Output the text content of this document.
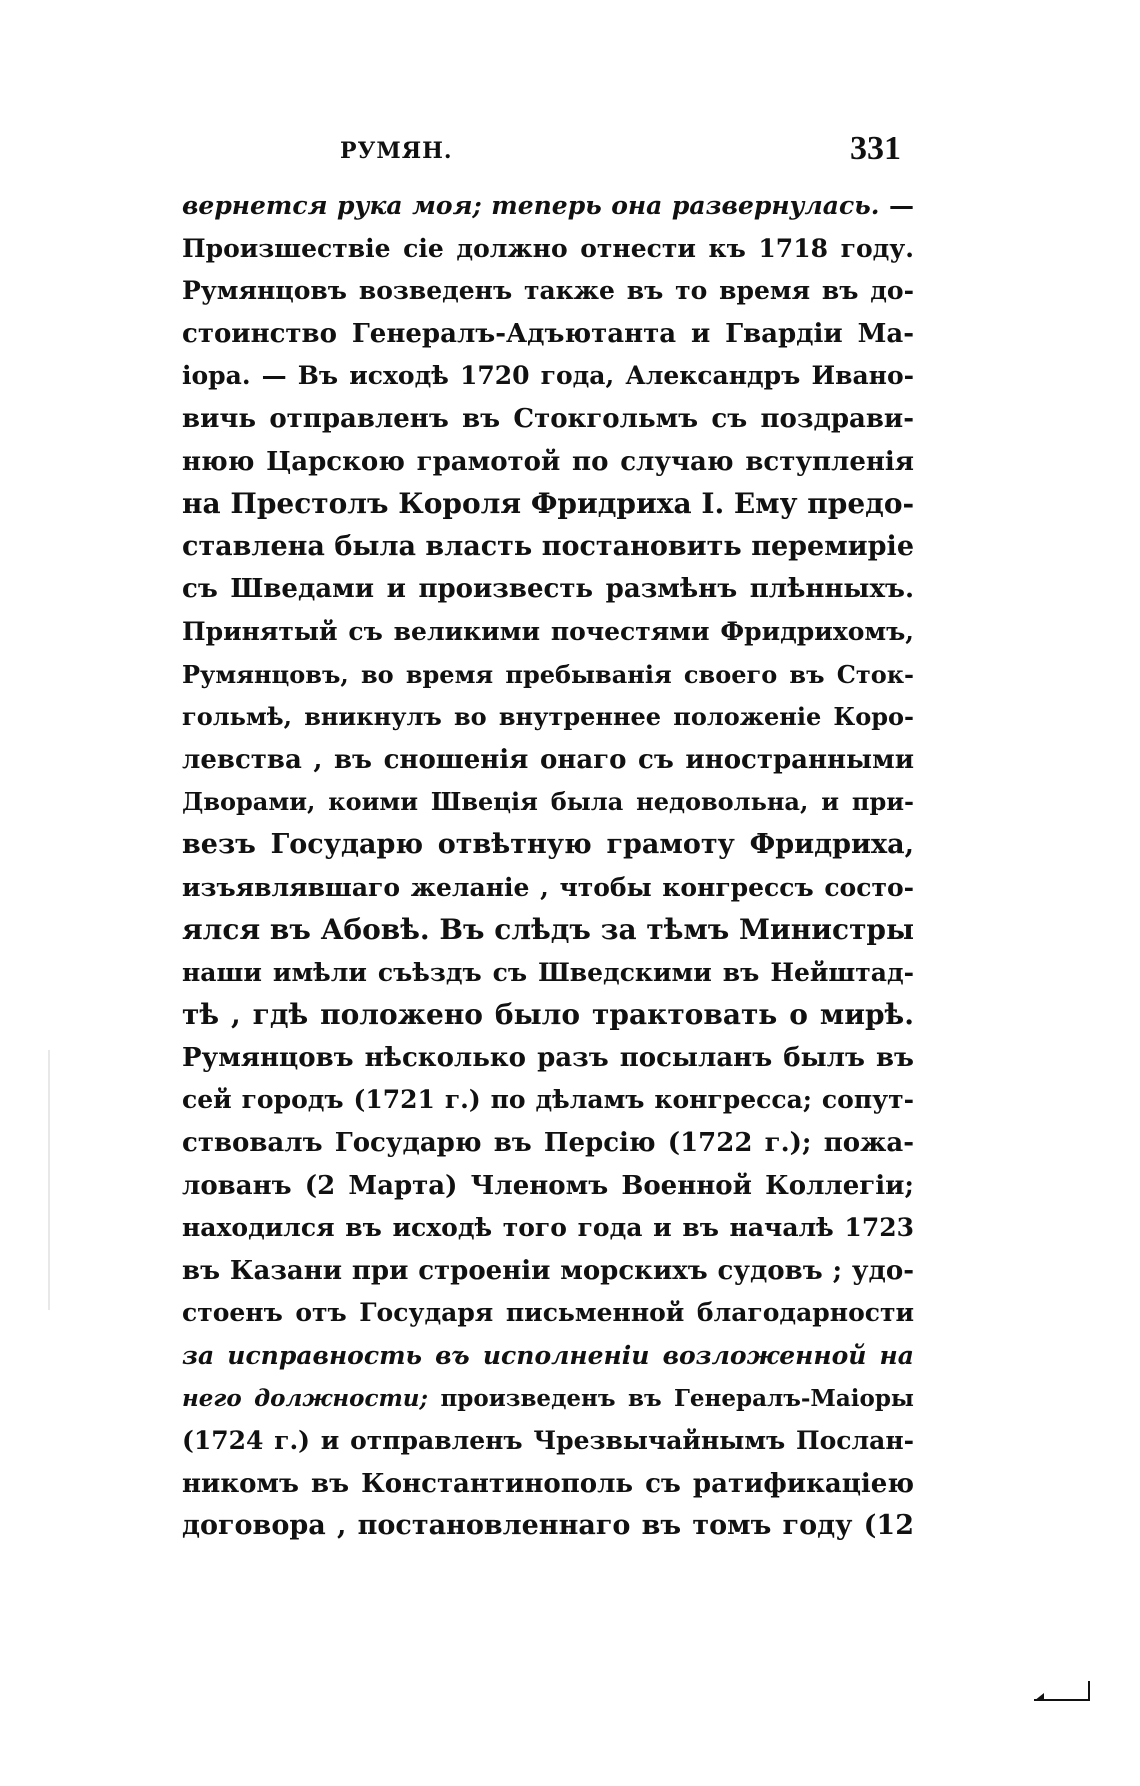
РУМЯН.	331
вернется рука моя; теперь она развернулась. —
Произшествіе сіе должно отнести къ 1718 году.
Румянцовъ возведенъ также въ то время въ до-
стоинство Генералъ-Адъютанта и Гвардіи Ма-
іора. — Въ исходѣ 1720 года, Александръ Ивано-
вичь отправленъ въ Стокгольмъ съ поздрави-
нюю Царскою грамотой по случаю вступленія
на Престолъ Короля Фридриха I. Ему предо-
ставлена была власть постановить перемиріе
съ Шведами и произвесть размѣнъ плѣнныхъ.
Принятый съ великими почестями Фридрихомъ,
Румянцовъ, во время пребыванія своего въ Сток-
гольмѣ, вникнулъ во внутреннее положеніе Коро-
левства , въ сношенія онаго съ иностранными
Дворами, коими Швеція была недовольна, и при-
везъ Государю отвѣтную грамоту Фридриха,
изъявлявшаго желаніе , чтобы конгрессъ состо-
ялся въ Абовѣ. Въ слѣдъ за тѣмъ Министры
наши имѣли съѣздъ съ Шведскими въ Нейштад-
тѣ , гдѣ положено было трактовать о мирѣ.
Румянцовъ нѣсколько разъ посыланъ былъ въ
сей городъ (1721 г.) по дѣламъ конгресса; сопут-
ствовалъ Государю въ Персію (1722 г.); пожа-
лованъ (2 Марта) Членомъ Военной Коллегіи;
находился въ исходѣ того года и въ началѣ 1723
въ Казани при строеніи морскихъ судовъ ; удо-
стоенъ отъ Государя письменной благодарности
за исправность въ исполненіи возложенной на
него должности; произведенъ въ Генералъ-Маіоры
(1724 г.) и отправленъ Чрезвычайнымъ Послан-
никомъ въ Константинополь съ ратификаціею
договора , постановленнаго въ томъ году (12
